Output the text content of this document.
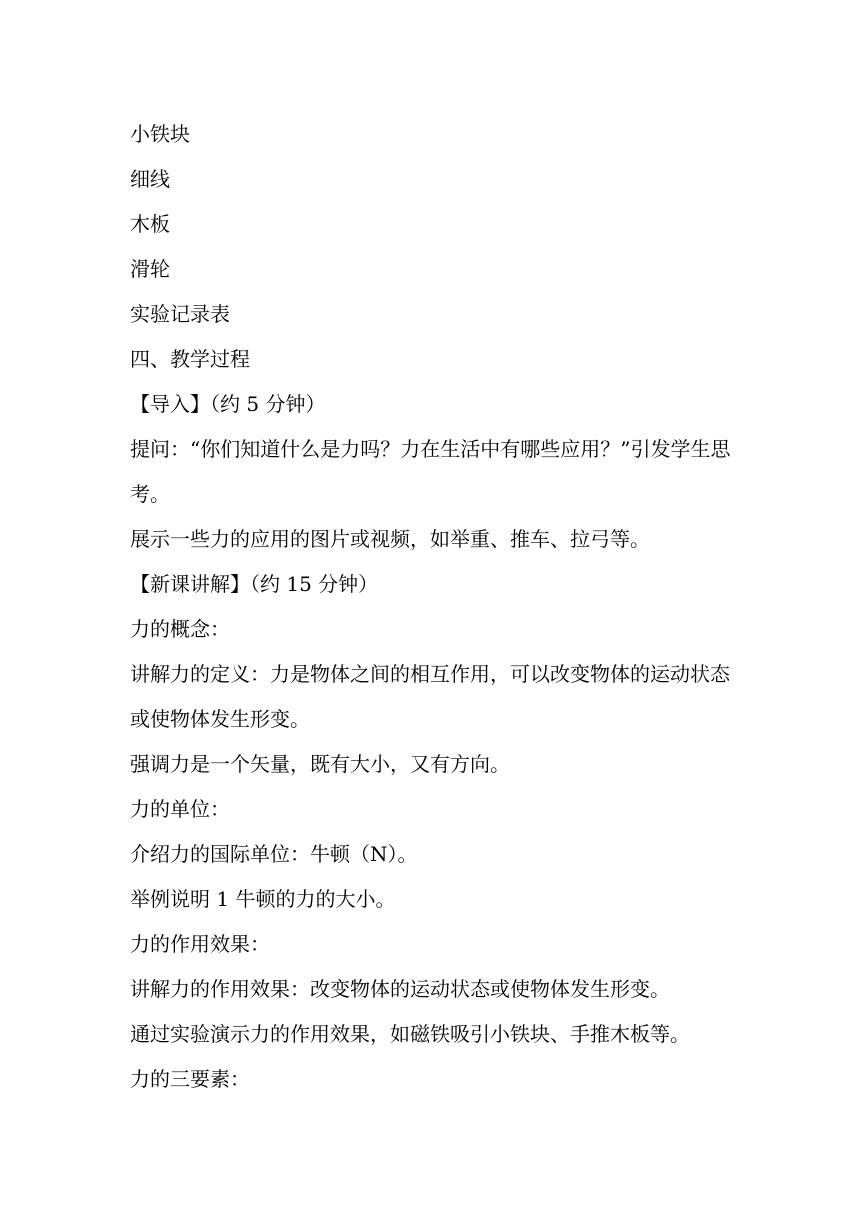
小铁块

细线

木板

滑轮

实验记录表

四、教学过程

【导入】（约 5 分钟）

提问：“你们知道什么是力吗？力在生活中有哪些应用？”引发学生思考。

展示一些力的应用的图片或视频，如举重、推车、拉弓等。

【新课讲解】（约 15 分钟）

力的概念：

讲解力的定义：力是物体之间的相互作用，可以改变物体的运动状态或使物体发生形变。

强调力是一个矢量，既有大小，又有方向。

力的单位：

介绍力的国际单位：牛顿（N）。

举例说明 1 牛顿的力的大小。

力的作用效果：

讲解力的作用效果：改变物体的运动状态或使物体发生形变。

通过实验演示力的作用效果，如磁铁吸引小铁块、手推木板等。

力的三要素：
